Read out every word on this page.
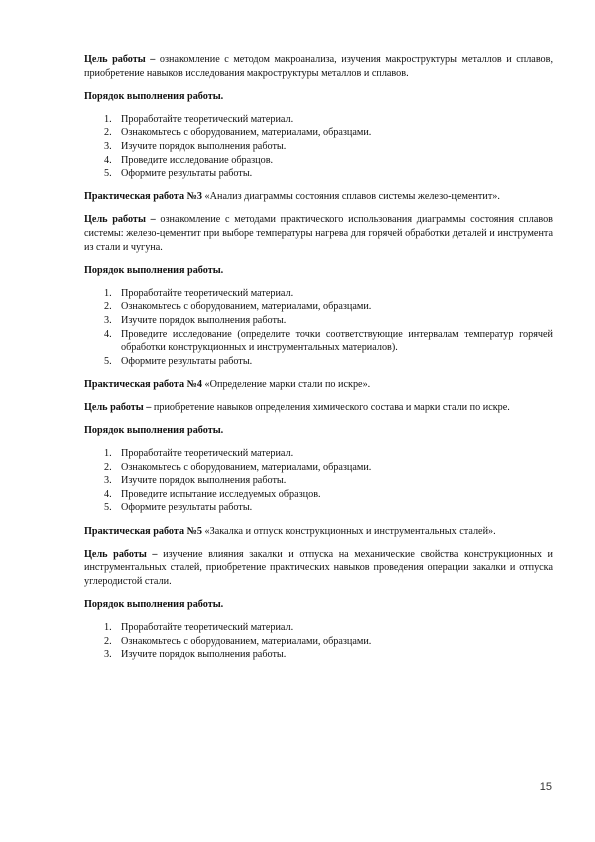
Цель работы – ознакомление с методом макроанализа, изучения макроструктуры металлов и сплавов, приобретение навыков исследования макроструктуры металлов и сплавов.

Порядок выполнения работы.

1. Проработайте теоретический материал.
2. Ознакомьтесь с оборудованием, материалами, образцами.
3. Изучите порядок выполнения работы.
4. Проведите исследование образцов.
5. Оформите результаты работы.

Практическая работа №3 «Анализ диаграммы состояния сплавов системы железо-цементит».

Цель работы – ознакомление с методами практического использования диаграммы состояния сплавов системы: железо-цементит при выборе температуры нагрева для горячей обработки деталей и инструмента из стали и чугуна.

Порядок выполнения работы.

1. Проработайте теоретический материал.
2. Ознакомьтесь с оборудованием, материалами, образцами.
3. Изучите порядок выполнения работы.
4. Проведите исследование (определите точки соответствующие интервалам температур горячей обработки конструкционных и инструментальных материалов).
5. Оформите результаты работы.

Практическая работа №4 «Определение марки стали по искре».

Цель работы – приобретение навыков определения химического состава и марки стали по искре.

Порядок выполнения работы.

1. Проработайте теоретический материал.
2. Ознакомьтесь с оборудованием, материалами, образцами.
3. Изучите порядок выполнения работы.
4. Проведите испытание исследуемых образцов.
5. Оформите результаты работы.

Практическая работа №5 «Закалка и отпуск конструкционных и инструментальных сталей».

Цель работы – изучение влияния закалки и отпуска на механические свойства конструкционных и инструментальных сталей, приобретение практических навыков проведения операции закалки и отпуска углеродистой стали.

Порядок выполнения работы.

1. Проработайте теоретический материал.
2. Ознакомьтесь с оборудованием, материалами, образцами.
3. Изучите порядок выполнения работы.
15
